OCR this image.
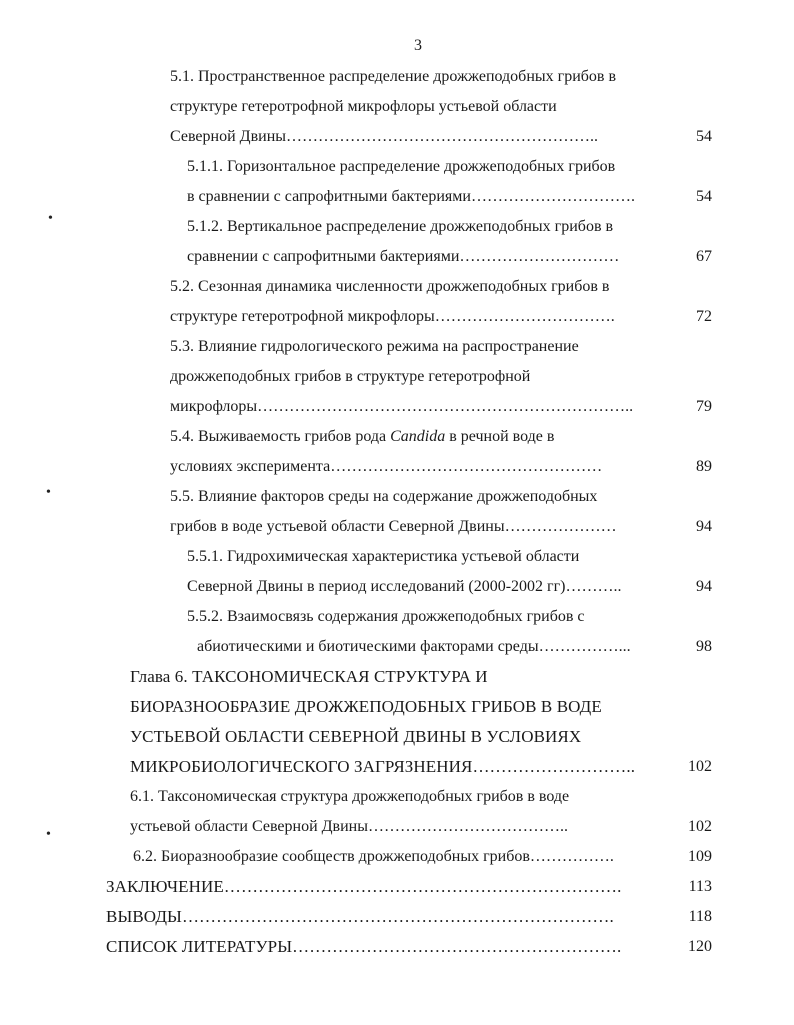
3
•
•
•
5.1. Пространственное распределение дрожжеподобных грибов в
структуре гетеротрофной микрофлоры устьевой области
Северной Двины…………………………………………………..	54
5.1.1. Горизонтальное распределение дрожжеподобных грибов
в сравнении с сапрофитными бактериями………………………….	54
5.1.2. Вертикальное распределение дрожжеподобных грибов в
сравнении с сапрофитными бактериями…………………………	67
5.2. Сезонная динамика численности дрожжеподобных грибов в
структуре гетеротрофной микрофлоры…………………………….	72
5.3. Влияние гидрологического режима на распространение
дрожжеподобных грибов в структуре гетеротрофной
микрофлоры……………………………………………………………..	79
5.4. Выживаемость грибов рода Candida в речной воде в
условиях эксперимента……………………………………………	89
5.5. Влияние факторов среды на содержание дрожжеподобных
грибов в воде устьевой области Северной Двины…………………	94
5.5.1. Гидрохимическая характеристика устьевой области
Северной Двины в период исследований (2000-2002 гг)………..	94
5.5.2. Взаимосвязь содержания дрожжеподобных грибов с
абиотическими и биотическими факторами среды……………...	98
Глава 6. ТАКСОНОМИЧЕСКАЯ СТРУКТУРА И
БИОРАЗНООБРАЗИЕ ДРОЖЖЕПОДОБНЫХ ГРИБОВ В ВОДЕ
УСТЬЕВОЙ ОБЛАСТИ СЕВЕРНОЙ ДВИНЫ В УСЛОВИЯХ
МИКРОБИОЛОГИЧЕСКОГО ЗАГРЯЗНЕНИЯ………………………..	102
6.1. Таксономическая структура дрожжеподобных грибов в воде
устьевой области Северной Двины………………………………..	102
6.2. Биоразнообразие сообществ дрожжеподобных грибов…………….	109
ЗАКЛЮЧЕНИЕ…………………………………………………………….	113
ВЫВОДЫ………………………………………………………………….	118
СПИСОК ЛИТЕРАТУРЫ………………………………………………….	120
